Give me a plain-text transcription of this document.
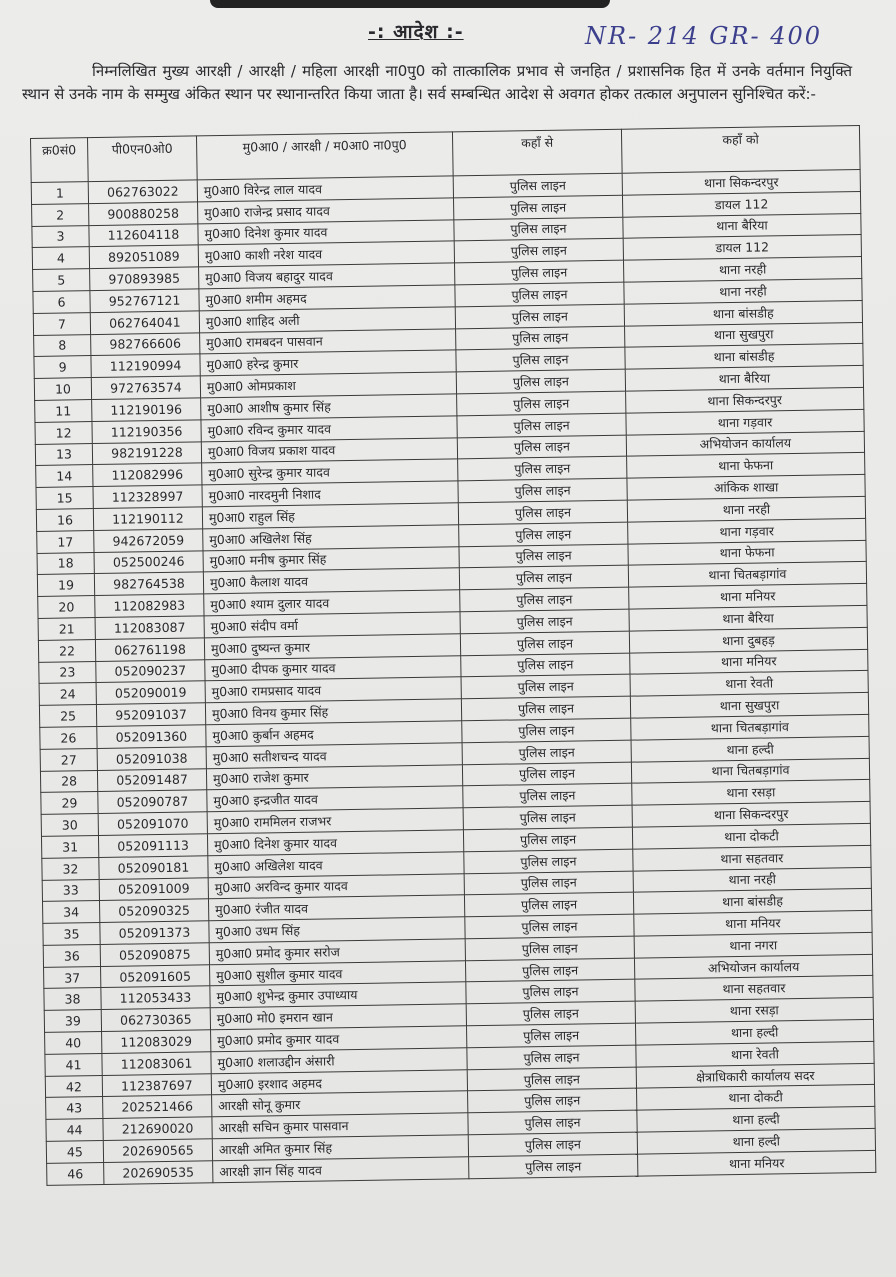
-: आदेश :-	NR- 214 GR- 400
निम्नलिखित मुख्य आरक्षी / आरक्षी / महिला आरक्षी ना0पु0 को तात्कालिक प्रभाव से जनहित / प्रशासनिक हित में उनके वर्तमान नियुक्ति स्थान से उनके नाम के सम्मुख अंकित स्थान पर स्थानान्तरित किया जाता है। सर्व सम्बन्धित आदेश से अवगत होकर तत्काल अनुपालन सुनिश्चित करें:-
क्र0सं0	पी0एन0ओ0	मु0आ0 / आरक्षी / म0आ0 ना0पु0	कहाँ से	कहाँ को
1	062763022	मु0आ0 विरेन्द्र लाल यादव	पुलिस लाइन	थाना सिकन्दरपुर
2	900880258	मु0आ0 राजेन्द्र प्रसाद यादव	पुलिस लाइन	डायल 112
3	112604118	मु0आ0 दिनेश कुमार यादव	पुलिस लाइन	थाना बैरिया
4	892051089	मु0आ0 काशी नरेश यादव	पुलिस लाइन	डायल 112
5	970893985	मु0आ0 विजय बहादुर यादव	पुलिस लाइन	थाना नरही
6	952767121	मु0आ0 शमीम अहमद	पुलिस लाइन	थाना नरही
7	062764041	मु0आ0 शाहिद अली	पुलिस लाइन	थाना बांसडीह
8	982766606	मु0आ0 रामबदन पासवान	पुलिस लाइन	थाना सुखपुरा
9	112190994	मु0आ0 हरेन्द्र कुमार	पुलिस लाइन	थाना बांसडीह
10	972763574	मु0आ0 ओमप्रकाश	पुलिस लाइन	थाना बैरिया
11	112190196	मु0आ0 आशीष कुमार सिंह	पुलिस लाइन	थाना सिकन्दरपुर
12	112190356	मु0आ0 रविन्द कुमार यादव	पुलिस लाइन	थाना गड़वार
13	982191228	मु0आ0 विजय प्रकाश यादव	पुलिस लाइन	अभियोजन कार्यालय
14	112082996	मु0आ0 सुरेन्द्र कुमार यादव	पुलिस लाइन	थाना फेफना
15	112328997	मु0आ0 नारदमुनी निशाद	पुलिस लाइन	आंकिक शाखा
16	112190112	मु0आ0 राहुल सिंह	पुलिस लाइन	थाना नरही
17	942672059	मु0आ0 अखिलेश सिंह	पुलिस लाइन	थाना गड़वार
18	052500246	मु0आ0 मनीष कुमार सिंह	पुलिस लाइन	थाना फेफना
19	982764538	मु0आ0 कैलाश यादव	पुलिस लाइन	थाना चितबड़ागांव
20	112082983	मु0आ0 श्याम दुलार यादव	पुलिस लाइन	थाना मनियर
21	112083087	मु0आ0 संदीप वर्मा	पुलिस लाइन	थाना बैरिया
22	062761198	मु0आ0 दुष्यन्त कुमार	पुलिस लाइन	थाना दुबहड़
23	052090237	मु0आ0 दीपक कुमार यादव	पुलिस लाइन	थाना मनियर
24	052090019	मु0आ0 रामप्रसाद यादव	पुलिस लाइन	थाना रेवती
25	952091037	मु0आ0 विनय कुमार सिंह	पुलिस लाइन	थाना सुखपुरा
26	052091360	मु0आ0 कुर्बान अहमद	पुलिस लाइन	थाना चितबड़ागांव
27	052091038	मु0आ0 सतीशचन्द यादव	पुलिस लाइन	थाना हल्दी
28	052091487	मु0आ0 राजेश कुमार	पुलिस लाइन	थाना चितबड़ागांव
29	052090787	मु0आ0 इन्द्रजीत यादव	पुलिस लाइन	थाना रसड़ा
30	052091070	मु0आ0 राममिलन राजभर	पुलिस लाइन	थाना सिकन्दरपुर
31	052091113	मु0आ0 दिनेश कुमार यादव	पुलिस लाइन	थाना दोकटी
32	052090181	मु0आ0 अखिलेश यादव	पुलिस लाइन	थाना सहतवार
33	052091009	मु0आ0 अरविन्द कुमार यादव	पुलिस लाइन	थाना नरही
34	052090325	मु0आ0 रंजीत यादव	पुलिस लाइन	थाना बांसडीह
35	052091373	मु0आ0 उधम सिंह	पुलिस लाइन	थाना मनियर
36	052090875	मु0आ0 प्रमोद कुमार सरोज	पुलिस लाइन	थाना नगरा
37	052091605	मु0आ0 सुशील कुमार यादव	पुलिस लाइन	अभियोजन कार्यालय
38	112053433	मु0आ0 शुभेन्द्र कुमार उपाध्याय	पुलिस लाइन	थाना सहतवार
39	062730365	मु0आ0 मो0 इमरान खान	पुलिस लाइन	थाना रसड़ा
40	112083029	मु0आ0 प्रमोद कुमार यादव	पुलिस लाइन	थाना हल्दी
41	112083061	मु0आ0 शलाउद्दीन अंसारी	पुलिस लाइन	थाना रेवती
42	112387697	मु0आ0 इरशाद अहमद	पुलिस लाइन	क्षेत्राधिकारी कार्यालय सदर
43	202521466	आरक्षी सोनू कुमार	पुलिस लाइन	थाना दोकटी
44	212690020	आरक्षी सचिन कुमार पासवान	पुलिस लाइन	थाना हल्दी
45	202690565	आरक्षी अमित कुमार सिंह	पुलिस लाइन	थाना हल्दी
46	202690535	आरक्षी ज्ञान सिंह यादव	पुलिस लाइन	थाना मनियर
